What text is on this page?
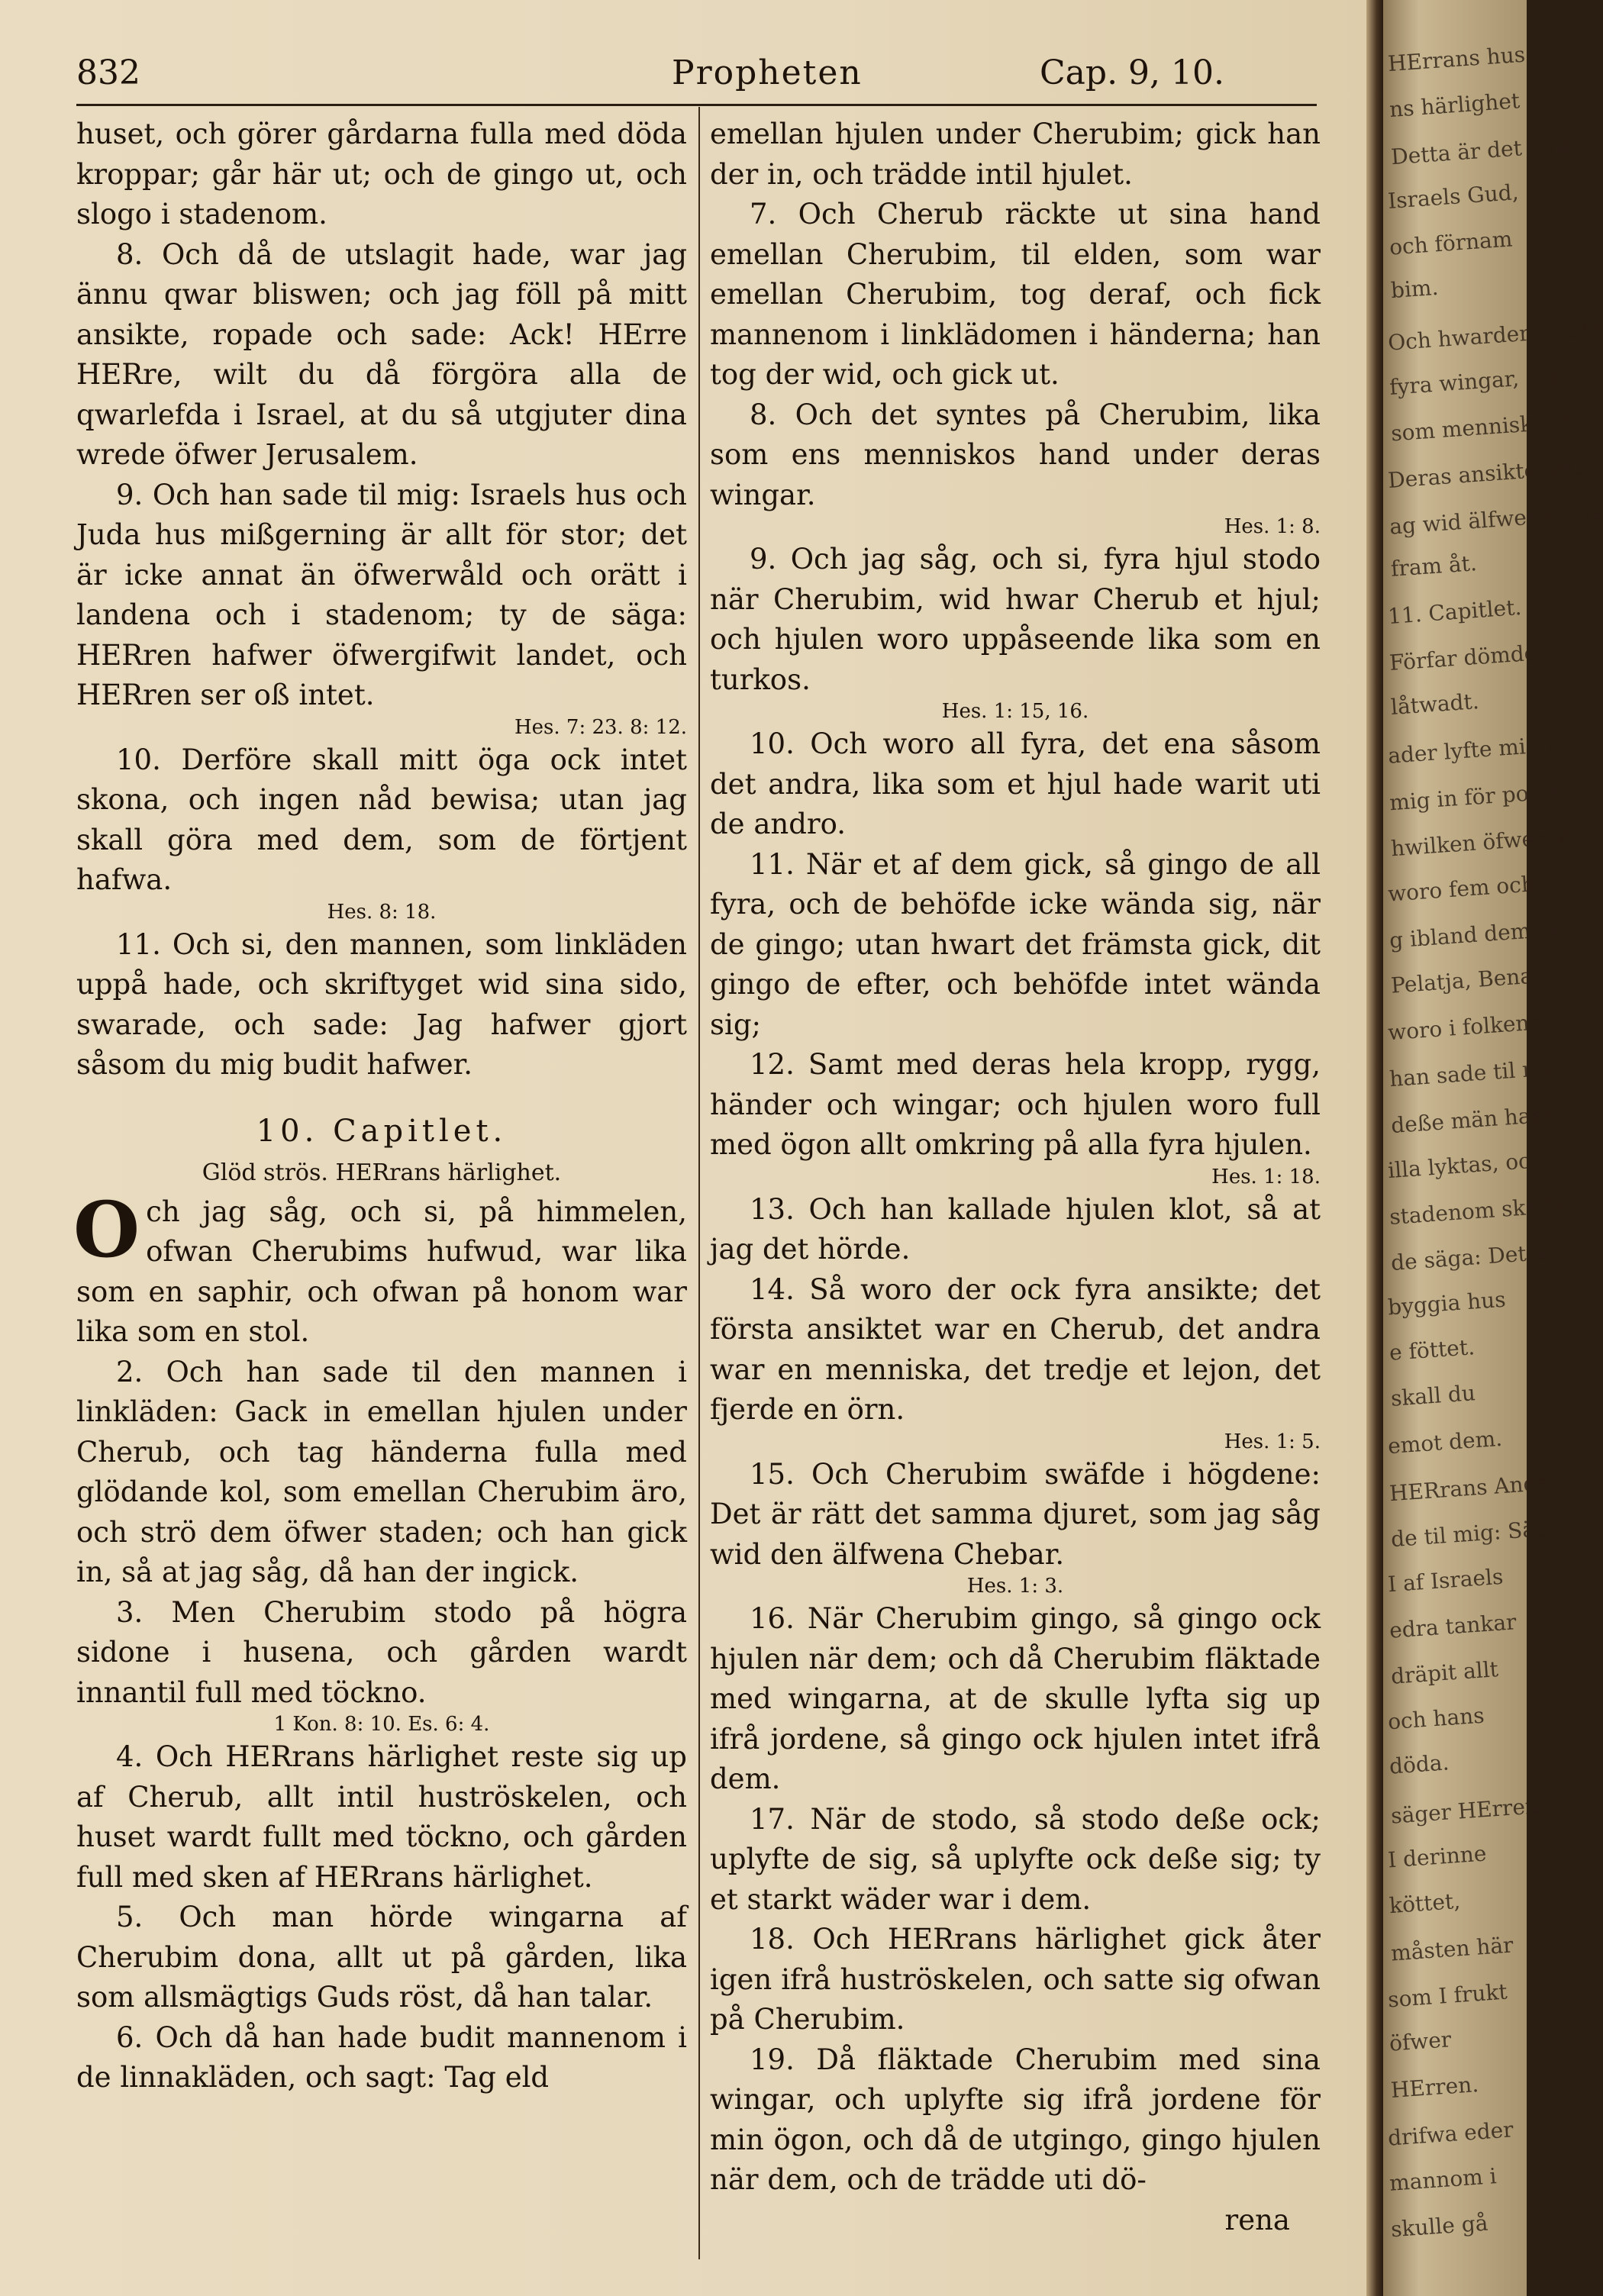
832	Propheten	Cap. 9, 10.

huset, och görer gårdarna fulla med döda kroppar; går här ut; och de gingo ut, och slogo i stadenom.

8. Och då de utslagit hade, war jag ännu qwar bliswen; och jag föll på mitt ansikte, ropade och sade: Ack! HErre HERre, wilt du då förgöra alla de qwarlefda i Israel, at du så utgjuter dina wrede öfwer Jerusalem.

9. Och han sade til mig: Israels hus och Juda hus mißgerning är allt för stor; det är icke annat än öfwerwåld och orätt i landena och i stadenom; ty de säga: HERren hafwer öfwergifwit landet, och HERren ser oß intet.

Hes. 7: 23. 8: 12.

10. Derföre skall mitt öga ock intet skona, och ingen nåd bewisa; utan jag skall göra med dem, som de förtjent hafwa.

Hes. 8: 18.

11. Och si, den mannen, som linkläden uppå hade, och skriftyget wid sina sido, swarade, och sade: Jag hafwer gjort såsom du mig budit hafwer.

10. Capitlet.

Glöd strös. HERrans härlighet.

Och jag såg, och si, på himmelen, ofwan Cherubims hufwud, war lika som en saphir, och ofwan på honom war lika som en stol.

2. Och han sade til den mannen i linkläden: Gack in emellan hjulen under Cherub, och tag händerna fulla med glödande kol, som emellan Cherubim äro, och strö dem öfwer staden; och han gick in, så at jag såg, då han der ingick.

3. Men Cherubim stodo på högra sidone i husena, och gården wardt innantil full med töckno.

1 Kon. 8: 10. Es. 6: 4.

4. Och HERrans härlighet reste sig up af Cherub, allt intil huströskelen, och huset wardt fullt med töckno, och gården full med sken af HERrans härlighet.

5. Och man hörde wingarna af Cherubim dona, allt ut på gården, lika som allsmägtigs Guds röst, då han talar.

6. Och då han hade budit mannenom i de linnakläden, och sagt: Tag eld

emellan hjulen under Cherubim; gick han der in, och trädde intil hjulet.

7. Och Cherub räckte ut sina hand emellan Cherubim, til elden, som war emellan Cherubim, tog deraf, och fick mannenom i linklädomen i händerna; han tog der wid, och gick ut.

8. Och det syntes på Cherubim, lika som ens menniskos hand under deras wingar.

Hes. 1: 8.

9. Och jag såg, och si, fyra hjul stodo när Cherubim, wid hwar Cherub et hjul; och hjulen woro uppåseende lika som en turkos.

Hes. 1: 15, 16.

10. Och woro all fyra, det ena såsom det andra, lika som et hjul hade warit uti de andro.

11. När et af dem gick, så gingo de all fyra, och de behöfde icke wända sig, när de gingo; utan hwart det främsta gick, dit gingo de efter, och behöfde intet wända sig;

12. Samt med deras hela kropp, rygg, händer och wingar; och hjulen woro full med ögon allt omkring på alla fyra hjulen.

Hes. 1: 18.

13. Och han kallade hjulen klot, så at jag det hörde.

14. Så woro der ock fyra ansikte; det första ansiktet war en Cherub, det andra war en menniska, det tredje et lejon, det fjerde en örn.

Hes. 1: 5.

15. Och Cherubim swäfde i högdene: Det är rätt det samma djuret, som jag såg wid den älfwena Chebar.

Hes. 1: 3.

16. När Cherubim gingo, så gingo ock hjulen när dem; och då Cherubim fläktade med wingarna, at de skulle lyfta sig up ifrå jordene, så gingo ock hjulen intet ifrå dem.

17. När de stodo, så stodo deße ock; uplyfte de sig, så uplyfte ock deße sig; ty et starkt wäder war i dem.

18. Och HERrans härlighet gick åter igen ifrå huströskelen, och satte sig ofwan på Cherubim.

19. Då fläktade Cherubim med sina wingar, och uplyfte sig ifrå jordene för min ögon, och då de utgingo, gingo hjulen när dem, och de trädde uti dö-

rena

HErrans hus o
ns härlighet w
Detta är det djur
Israels Gud,
och förnam
bim.
Och hwardera hade
fyra wingar, och
som menniskos h
Deras ansikte war
ag wid älfwene Che
fram åt.
11. Capitlet.
Förfar dömde.
låtwadt.
ader lyfte mig u
mig in för porten
hwilken öfwer ut
woro fem och
g ibland dem Ja
Pelatja, Benaj
woro i folkena.
han sade til mig:
deße män hafwa
illa lyktas, och
stadenom skada
de säga: Det ä
byggia hus
e föttet.
skall du
emot dem.
HERrans Ande
de til mig: Säg
I af Israels
edra tankar
dräpit allt
och hans
döda.
säger HErren
I derinne
köttet,
måsten här
som I frukt
öfwer
HErren.
drifwa eder
mannom i
skulle gå
